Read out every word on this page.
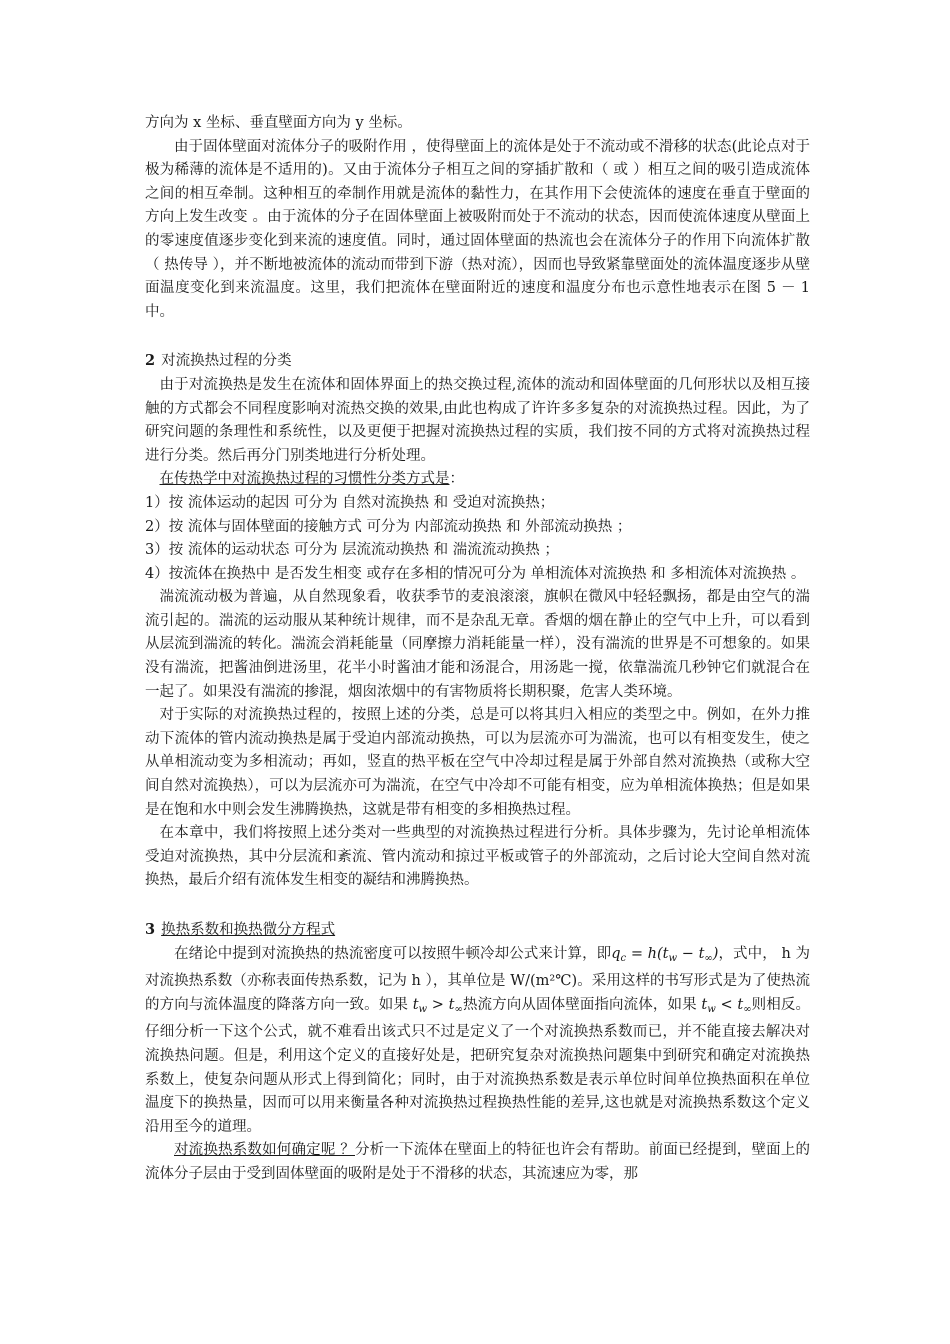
方向为 x 坐标、垂直壁面方向为 y 坐标。

由于固体壁面对流体分子的吸附作用 ，使得壁面上的流体是处于不流动或不滑移的状态(此论点对于极为稀薄的流体是不适用的)。又由于流体分子相互之间的穿插扩散和（ 或 ）相互之间的吸引造成流体之间的相互牵制。这种相互的牵制作用就是流体的黏性力，在其作用下会使流体的速度在垂直于壁面的方向上发生改变 。由于流体的分子在固体壁面上被吸附而处于不流动的状态，因而使流体速度从壁面上的零速度值逐步变化到来流的速度值。同时，通过固体壁面的热流也会在流体分子的作用下向流体扩散（ 热传导 ），并不断地被流体的流动而带到下游（热对流），因而也导致紧靠壁面处的流体温度逐步从壁面温度变化到来流温度。这里，我们把流体在壁面附近的速度和温度分布也示意性地表示在图 5 － 1 中。

2 对流换热过程的分类

由于对流换热是发生在流体和固体界面上的热交换过程,流体的流动和固体壁面的几何形状以及相互接触的方式都会不同程度影响对流热交换的效果,由此也构成了许许多多复杂的对流换热过程。因此，为了研究问题的条理性和系统性，以及更便于把握对流换热过程的实质，我们按不同的方式将对流换热过程进行分类。然后再分门别类地进行分析处理。

在传热学中对流换热过程的习惯性分类方式是：

1）按 流体运动的起因 可分为 自然对流换热 和 受迫对流换热；

2）按 流体与固体壁面的接触方式 可分为 内部流动换热 和 外部流动换热 ；

3）按 流体的运动状态 可分为 层流流动换热 和 湍流流动换热 ；

4）按流体在换热中 是否发生相变 或存在多相的情况可分为 单相流体对流换热 和 多相流体对流换热 。

湍流流动极为普遍，从自然现象看，收获季节的麦浪滚滚，旗帜在微风中轻轻飘扬，都是由空气的湍流引起的。湍流的运动服从某种统计规律，而不是杂乱无章。香烟的烟在静止的空气中上升，可以看到从层流到湍流的转化。湍流会消耗能量（同摩擦力消耗能量一样），没有湍流的世界是不可想象的。如果没有湍流，把酱油倒进汤里，花半小时酱油才能和汤混合，用汤匙一搅，依靠湍流几秒钟它们就混合在一起了。如果没有湍流的掺混，烟囱浓烟中的有害物质将长期积聚，危害人类环境。

对于实际的对流换热过程的，按照上述的分类，总是可以将其归入相应的类型之中。例如，在外力推动下流体的管内流动换热是属于受迫内部流动换热，可以为层流亦可为湍流，也可以有相变发生，使之从单相流动变为多相流动；再如，竖直的热平板在空气中冷却过程是属于外部自然对流换热（或称大空间自然对流换热），可以为层流亦可为湍流，在空气中冷却不可能有相变，应为单相流体换热；但是如果是在饱和水中则会发生沸腾换热，这就是带有相变的多相换热过程。

在本章中，我们将按照上述分类对一些典型的对流换热过程进行分析。具体步骤为，先讨论单相流体受迫对流换热，其中分层流和紊流、管内流动和掠过平板或管子的外部流动，之后讨论大空间自然对流换热，最后介绍有流体发生相变的凝结和沸腾换热。

3 换热系数和换热微分方程式

在绪论中提到对流换热的热流密度可以按照牛顿冷却公式来计算，即$q_c = h(t_w - t_\infty)$，式中， h 为对流换热系数（亦称表面传热系数，记为 h ），其单位是 W/(m²℃)。采用这样的书写形式是为了使热流的方向与流体温度的降落方向一致。如果 $t_w > t_\infty$热流方向从固体壁面指向流体，如果 $t_w < t_\infty$则相反。仔细分析一下这个公式，就不难看出该式只不过是定义了一个对流换热系数而已，并不能直接去解决对流换热问题。但是，利用这个定义的直接好处是，把研究复杂对流换热问题集中到研究和确定对流换热系数上，使复杂问题从形式上得到简化；同时，由于对流换热系数是表示单位时间单位换热面积在单位温度下的换热量，因而可以用来衡量各种对流换热过程换热性能的差异,这也就是对流换热系数这个定义沿用至今的道理。

对流换热系数如何确定呢 ？分析一下流体在壁面上的特征也许会有帮助。前面已经提到，壁面上的流体分子层由于受到固体壁面的吸附是处于不滑移的状态，其流速应为零，那
